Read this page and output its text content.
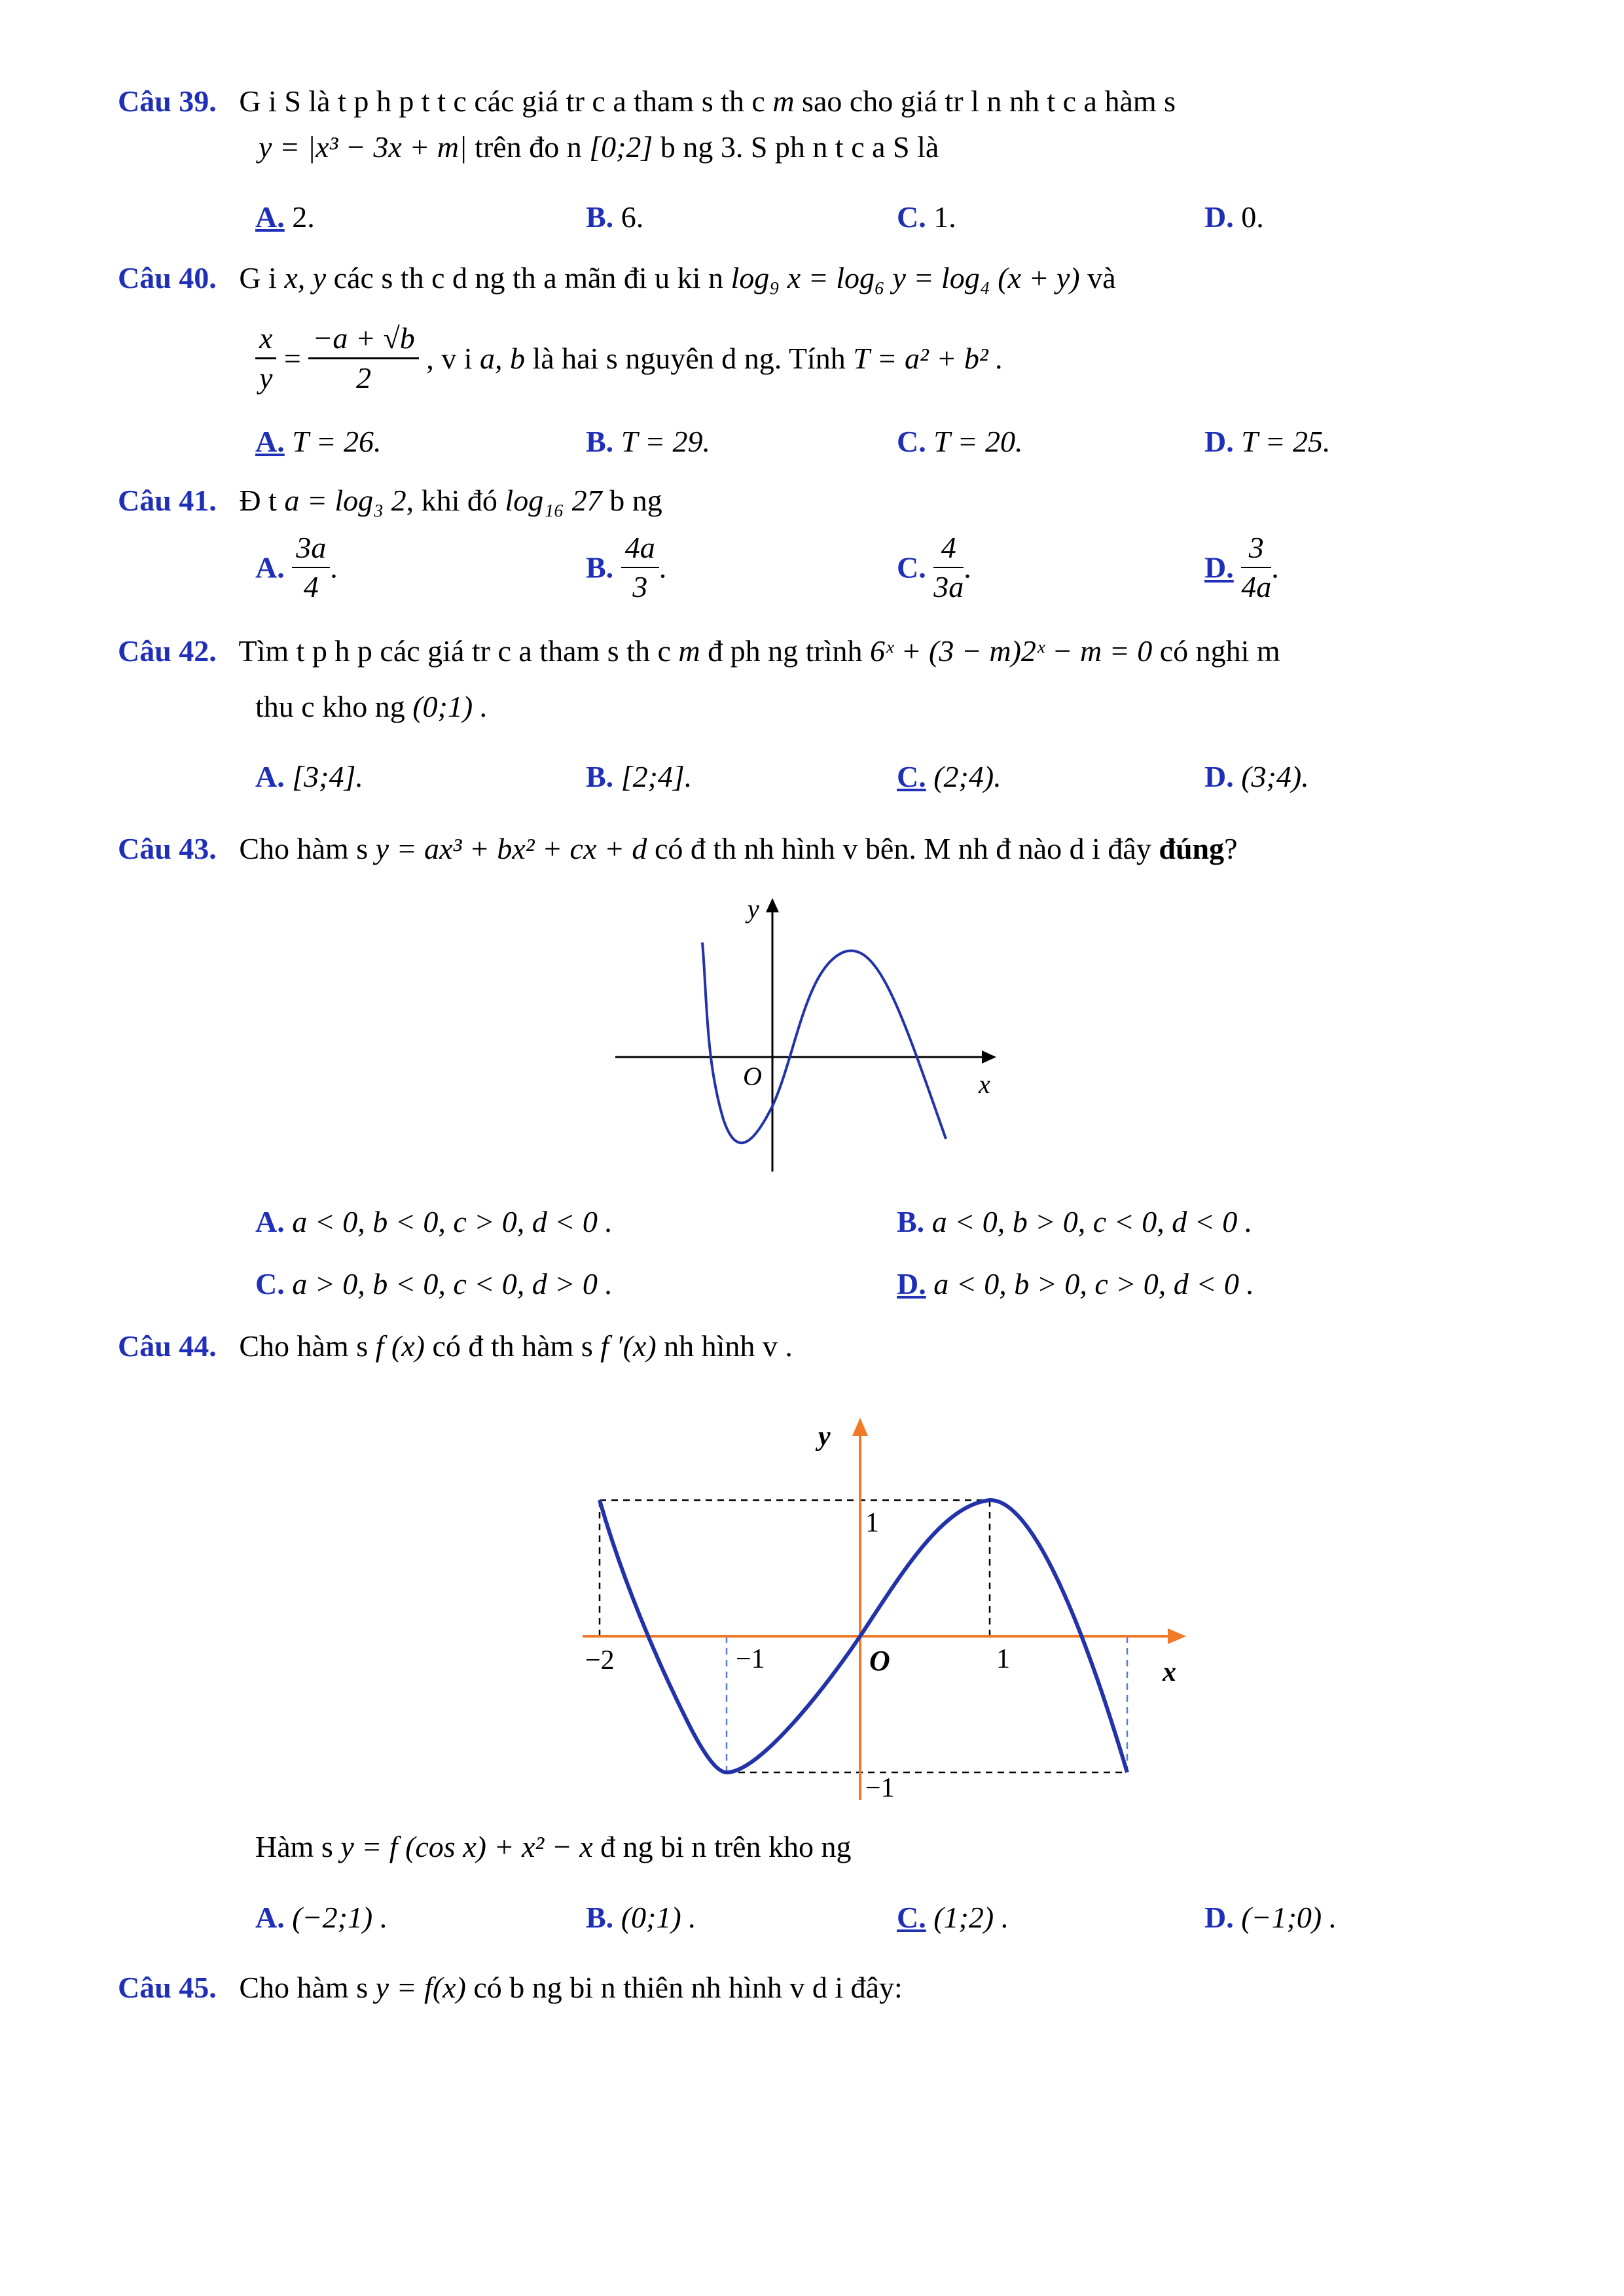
Câu 39. G i S là t p h p t t c các giá tr c a tham s th c m sao cho giá tr l n nh t c a hàm s
y = |x³ − 3x + m| trên đo n [0;2] b ng 3. S ph n t c a S là
A. 2.	B. 6.	C. 1.	D. 0.
Câu 40. G i x, y các s th c d ng th a mãn đi u ki n log₉ x = log₆ y = log₄ (x + y) và
$\frac{x}{y} = \frac{-a + √b}{2}$ , v i a, b là hai s nguyên d ng. Tính T = a² + b² .
A. T = 26.	B. T = 29.	C. T = 20.	D. T = 25.
Câu 41. Đ t a = log₃ 2, khi đó log₁₆ 27 b ng
A. $\frac{3a}{4}$ .	B. $\frac{4a}{3}$ .	C. $\frac{4}{3a}$ .	D. $\frac{3}{4a}$ .
Câu 42. Tìm t p h p các giá tr c a tham s th c m đ ph ng trình 6ˣ + (3 − m)2ˣ − m = 0 có nghi m
thu c kho ng (0;1) .
A. [3;4].	B. [2;4].	C. (2;4).	D. (3;4).
Câu 43. Cho hàm s y = ax³ + bx² + cx + d có đ th nh hình v bên. M nh đ nào d i đây đúng?
y
x
O
A. a < 0, b < 0, c > 0, d < 0 .	B. a < 0, b > 0, c < 0, d < 0 .
C. a > 0, b < 0, c < 0, d > 0 .	D. a < 0, b > 0, c > 0, d < 0 .
Câu 44. Cho hàm s f (x) có đ th hàm s f ′(x) nh hình v .
y
x
O
−2	−1	1
1
−1
Hàm s y = f (cos x) + x² − x đ ng bi n trên kho ng
A. (−2;1) .	B. (0;1) .	C. (1;2) .	D. (−1;0) .
Câu 45. Cho hàm s y = f(x) có b ng bi n thiên nh hình v d i đây:
